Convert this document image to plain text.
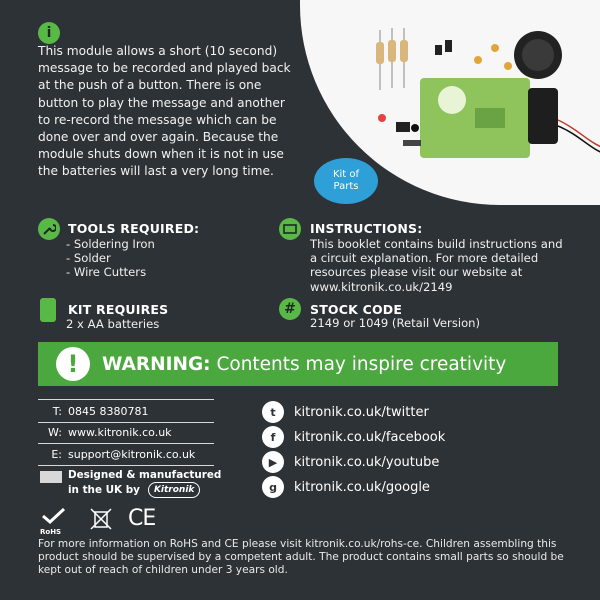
i
This module allows a short (10 second) message to be recorded and played back at the push of a button. There is one button to play the message and another to re-record the message which can be done over and over again. Because the module shuts down when it is not in use the batteries will last a very long time.	Kit of
Parts
TOOLS REQUIRED:
- Soldering Iron
- Solder
- Wire Cutters
INSTRUCTIONS:
This booklet contains build instructions and a circuit explanation. For more detailed resources please visit our website at www.kitronik.co.uk/2149
KIT REQUIRES
2 x AA batteries
#	STOCK CODE
2149 or 1049 (Retail Version)
!	WARNING: Contents may inspire creativity
T: 0845 8380781
W: www.kitronik.co.uk
E: support@kitronik.co.uk
Designed & manufactured
in the UK by	Kitronik
t	kitronik.co.uk/twitter
f	kitronik.co.uk/facebook
▶	kitronik.co.uk/youtube
g	kitronik.co.uk/google
RoHS
CE
For more information on RoHS and CE please visit kitronik.co.uk/rohs-ce. Children assembling this product should be supervised by a competent adult. The product contains small parts so should be kept out of reach of children under 3 years old.
